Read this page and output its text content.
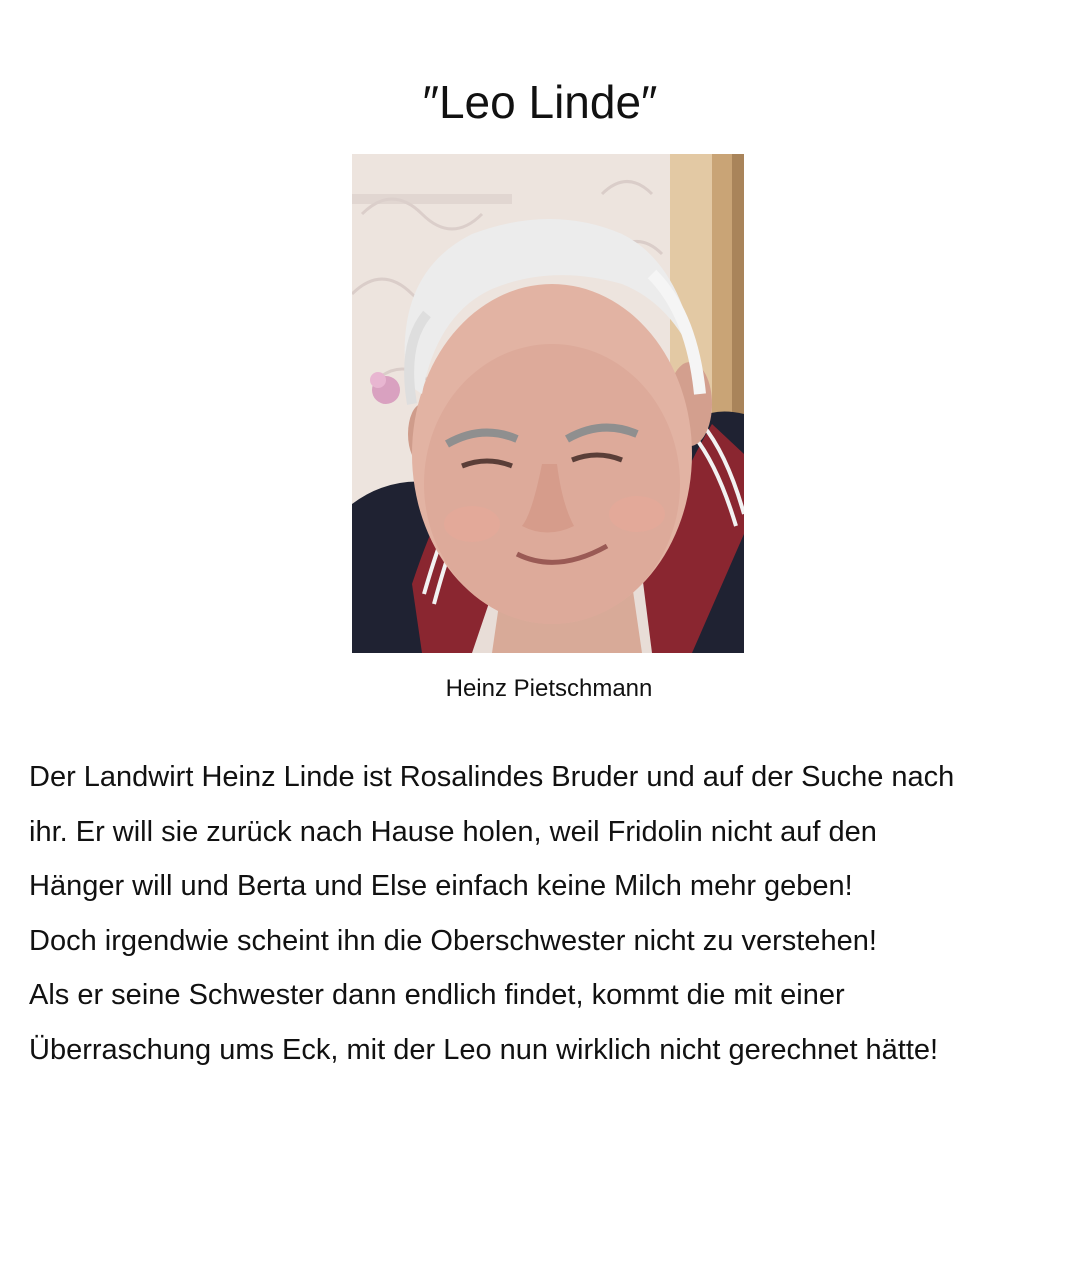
″Leo Linde″
Heinz Pietschmann

Der Landwirt Heinz Linde ist Rosalindes Bruder und auf der Suche nach
ihr. Er will sie zurück nach Hause holen, weil Fridolin nicht auf den
Hänger will und Berta und Else einfach keine Milch mehr geben!
Doch irgendwie scheint ihn die Oberschwester nicht zu verstehen!
Als er seine Schwester dann endlich findet, kommt die mit einer
Überraschung ums Eck, mit der Leo nun wirklich nicht gerechnet hätte!
